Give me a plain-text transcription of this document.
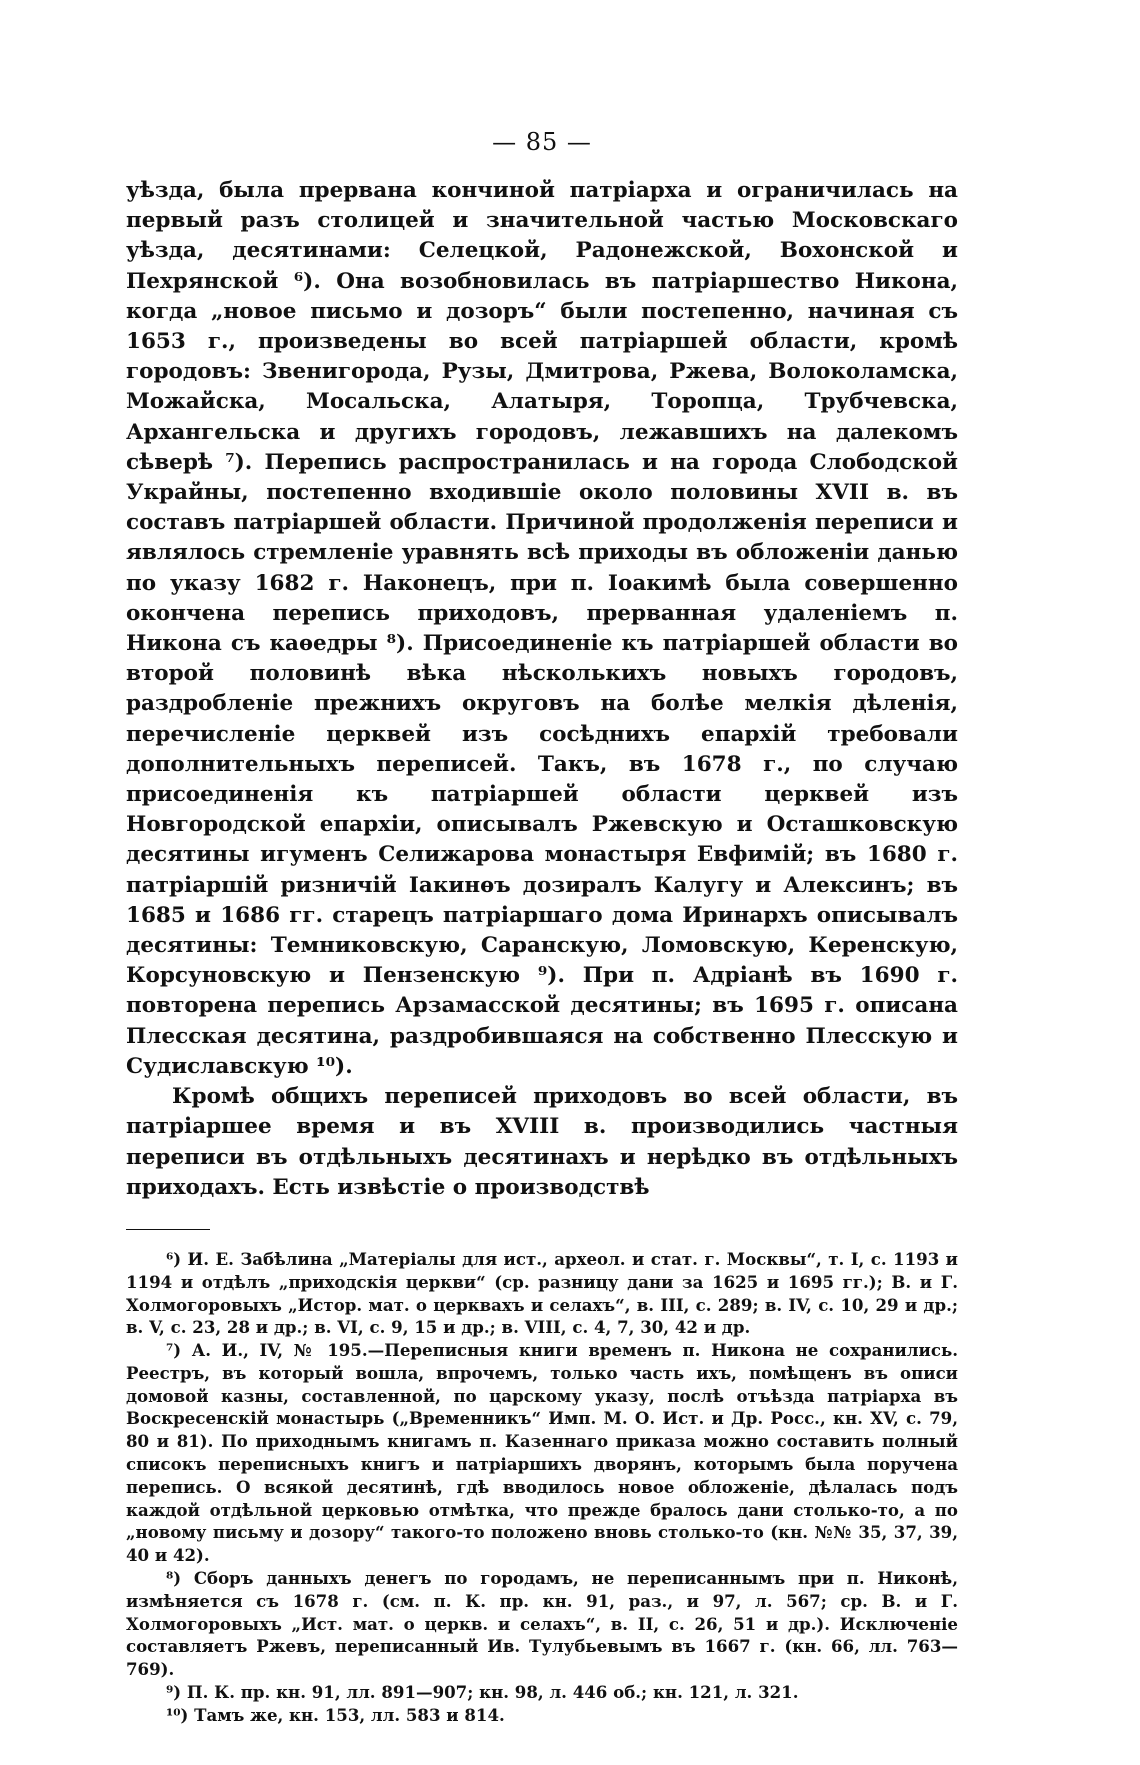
— 85 —

уѣзда, была прервана кончиной патріарха и ограничилась на первый разъ столицей и значительной частью Московскаго уѣзда, десятинами: Селецкой, Радонежской, Вохонской и Пехрянской ⁶). Она возобновилась въ патріаршество Никона, когда „новое письмо и дозоръ“ были постепенно, начиная съ 1653 г., произведены во всей патріаршей области, кромѣ городовъ: Звенигорода, Рузы, Дмитрова, Ржева, Волоколамска, Можайска, Мосальска, Алатыря, Торопца, Трубчевска, Архангельска и другихъ городовъ, лежавшихъ на далекомъ сѣверѣ ⁷). Перепись распространилась и на города Слободской Украйны, постепенно входившіе около половины XVII в. въ составъ патріаршей области. Причиной продолженія переписи и являлось стремленіе уравнять всѣ приходы въ обложеніи данью по указу 1682 г. Наконецъ, при п. Іоакимѣ была совершенно окончена перепись приходовъ, прерванная удаленіемъ п. Никона съ каѳедры ⁸). Присоединеніе къ патріаршей области во второй половинѣ вѣка нѣсколькихъ новыхъ городовъ, раздробленіе прежнихъ округовъ на болѣе мелкія дѣленія, перечисленіе церквей изъ сосѣднихъ епархій требовали дополнительныхъ переписей. Такъ, въ 1678 г., по случаю присоединенія къ патріаршей области церквей изъ Новгородской епархіи, описывалъ Ржевскую и Осташковскую десятины игуменъ Селижарова монастыря Евфимій; въ 1680 г. патріаршій ризничій Іакинѳъ дозиралъ Калугу и Алексинъ; въ 1685 и 1686 гг. старецъ патріаршаго дома Иринархъ описывалъ десятины: Темниковскую, Саранскую, Ломовскую, Керенскую, Корсуновскую и Пензенскую ⁹). При п. Адріанѣ въ 1690 г. повторена перепись Арзамасской десятины; въ 1695 г. описана Плесская десятина, раздробившаяся на собственно Плесскую и Судиславскую ¹⁰).

Кромѣ общихъ переписей приходовъ во всей области, въ патріаршее время и въ XVIII в. производились частныя переписи въ отдѣльныхъ десятинахъ и нерѣдко въ отдѣльныхъ приходахъ. Есть извѣстіе о производствѣ

⁶) И. Е. Забѣлина „Матеріалы для ист., археол. и стат. г. Москвы“, т. I, с. 1193 и 1194 и отдѣлъ „приходскія церкви“ (ср. разницу дани за 1625 и 1695 гг.); В. и Г. Холмогоровыхъ „Истор. мат. о церквахъ и селахъ“, в. III, с. 289; в. IV, с. 10, 29 и др.; в. V, с. 23, 28 и др.; в. VI, с. 9, 15 и др.; в. VIII, с. 4, 7, 30, 42 и др.

⁷) А. И., IV, № 195.—Переписныя книги временъ п. Никона не сохранились. Реестръ, въ который вошла, впрочемъ, только часть ихъ, помѣщенъ въ описи домовой казны, составленной, по царскому указу, послѣ отъѣзда патріарха въ Воскресенскій монастырь („Временникъ“ Имп. М. О. Ист. и Др. Росс., кн. XV, с. 79, 80 и 81). По приходнымъ книгамъ п. Казеннаго приказа можно составить полный списокъ переписныхъ книгъ и патріаршихъ дворянъ, которымъ была поручена перепись. О всякой десятинѣ, гдѣ вводилось новое обложеніе, дѣлалась подъ каждой отдѣльной церковью отмѣтка, что прежде бралось дани столько-то, а по „новому письму и дозору“ такого-то положено вновь столько-то (кн. №№ 35, 37, 39, 40 и 42).

⁸) Сборъ данныхъ денегъ по городамъ, не переписаннымъ при п. Никонѣ, измѣняется съ 1678 г. (см. п. К. пр. кн. 91, раз., и 97, л. 567; ср. В. и Г. Холмогоровыхъ „Ист. мат. о церкв. и селахъ“, в. II, с. 26, 51 и др.). Исключеніе составляетъ Ржевъ, переписанный Ив. Тулубьевымъ въ 1667 г. (кн. 66, лл. 763—769).

⁹) П. К. пр. кн. 91, лл. 891—907; кн. 98, л. 446 об.; кн. 121, л. 321.

¹⁰) Тамъ же, кн. 153, лл. 583 и 814.
